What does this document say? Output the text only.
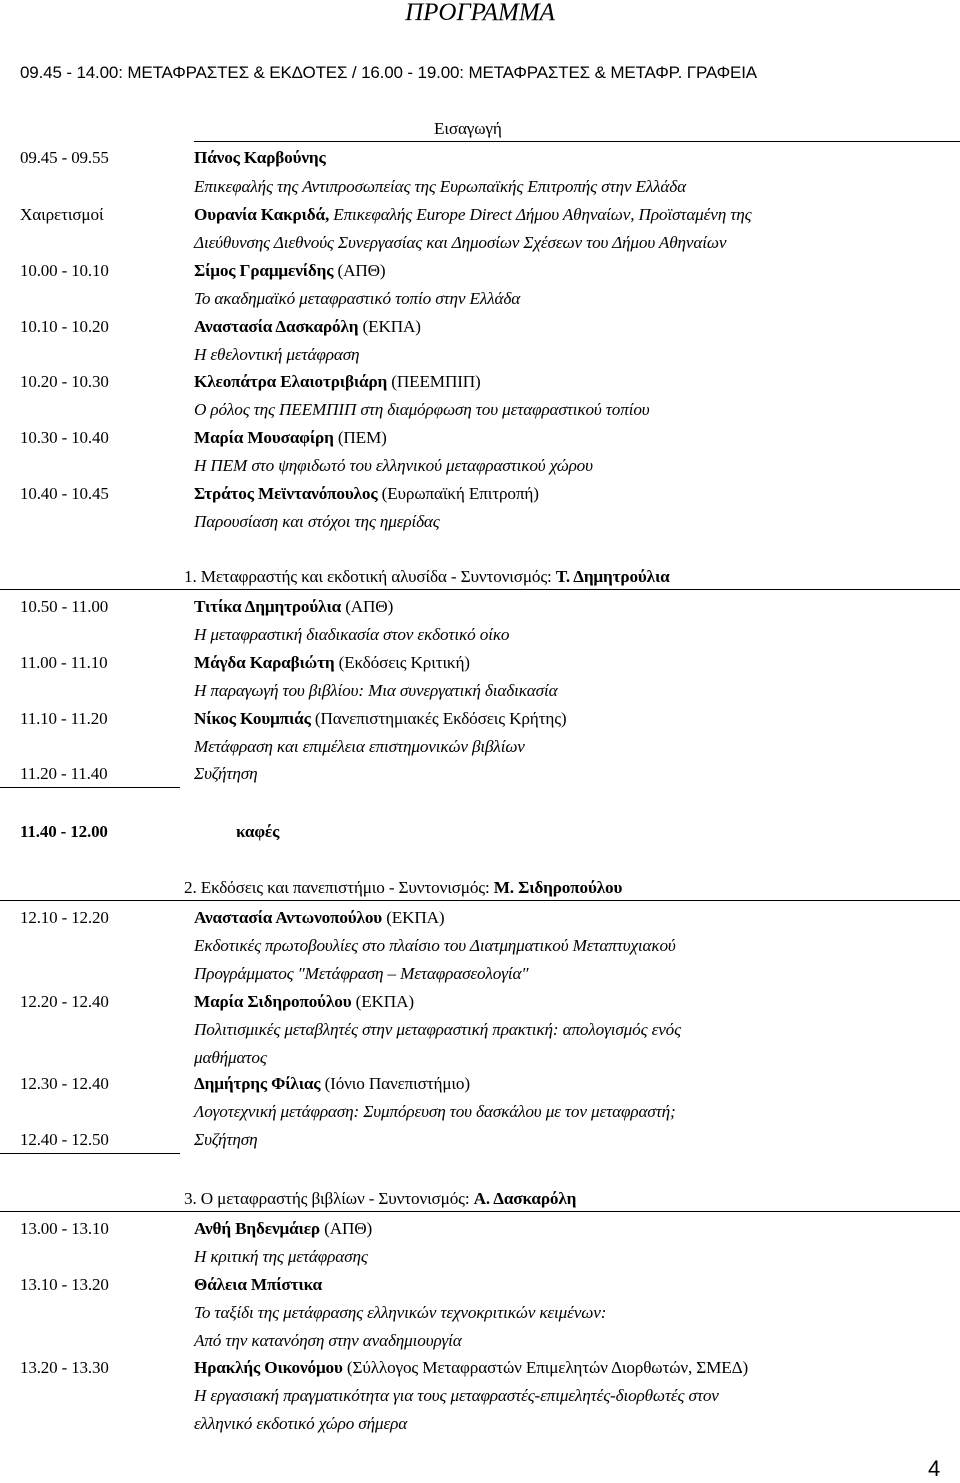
ΠΡΟΓΡΑΜΜΑ
09.45 - 14.00: ΜΕΤΑΦΡΑΣΤΕΣ & ΕΚΔΟΤΕΣ / 16.00 - 19.00: ΜΕΤΑΦΡΑΣΤΕΣ & ΜΕΤΑΦΡ. ΓΡΑΦΕΙΑ
Εισαγωγή
09.45 - 09.55	Πάνος Καρβούνης
Επικεφαλής της Αντιπροσωπείας της Ευρωπαϊκής Επιτροπής στην Ελλάδα
Χαιρετισμοί	Ουρανία Κακριδά, Επικεφαλής Europe Direct Δήμου Αθηναίων, Προϊσταμένη της
Διεύθυνσης Διεθνούς Συνεργασίας και Δημοσίων Σχέσεων του Δήμου Αθηναίων
10.00 - 10.10	Σίμος Γραμμενίδης (ΑΠΘ)
Το ακαδημαϊκό μεταφραστικό τοπίο στην Ελλάδα
10.10 - 10.20	Αναστασία Δασκαρόλη (ΕΚΠΑ)
Η εθελοντική μετάφραση
10.20 - 10.30	Κλεοπάτρα Ελαιοτριβιάρη (ΠΕΕΜΠΙΠ)
Ο ρόλος της ΠΕΕΜΠΙΠ στη διαμόρφωση του μεταφραστικού τοπίου
10.30 - 10.40	Μαρία Μουσαφίρη (ΠΕΜ)
Η ΠΕΜ στο ψηφιδωτό του ελληνικού μεταφραστικού χώρου
10.40 - 10.45	Στράτος Μεϊντανόπουλος (Ευρωπαϊκή Επιτροπή)
Παρουσίαση και στόχοι της ημερίδας
1. Μεταφραστής και εκδοτική αλυσίδα - Συντονισμός: Τ. Δημητρούλια
10.50 - 11.00	Τιτίκα Δημητρούλια (ΑΠΘ)
Η μεταφραστική διαδικασία στον εκδοτικό οίκο
11.00 - 11.10	Μάγδα Καραβιώτη (Εκδόσεις Κριτική)
Η παραγωγή του βιβλίου: Μια συνεργατική διαδικασία
11.10 - 11.20	Νίκος Κουμπιάς (Πανεπιστημιακές Εκδόσεις Κρήτης)
Μετάφραση και επιμέλεια επιστημονικών βιβλίων
11.20 - 11.40	Συζήτηση
11.40 - 12.00	καφές
2. Εκδόσεις και πανεπιστήμιο - Συντονισμός: Μ. Σιδηροπούλου
12.10 - 12.20	Αναστασία Αντωνοπούλου (ΕΚΠΑ)
Εκδοτικές πρωτοβουλίες στο πλαίσιο του Διατμηματικού Μεταπτυχιακού
Προγράμματος ″Μετάφραση – Μεταφρασεολογία″
12.20 - 12.40	Μαρία Σιδηροπούλου (ΕΚΠΑ)
Πολιτισμικές μεταβλητές στην μεταφραστική πρακτική: απολογισμός ενός
μαθήματος
12.30 - 12.40	Δημήτρης Φίλιας (Ιόνιο Πανεπιστήμιο)
Λογοτεχνική μετάφραση: Συμπόρευση του δασκάλου με τον μεταφραστή;
12.40 - 12.50	Συζήτηση
3. Ο μεταφραστής βιβλίων - Συντονισμός: Α. Δασκαρόλη
13.00 - 13.10	Ανθή Βηδενμάιερ (ΑΠΘ)
Η κριτική της μετάφρασης
13.10 - 13.20	Θάλεια Μπίστικα
Το ταξίδι της μετάφρασης ελληνικών τεχνοκριτικών κειμένων:
Από την κατανόηση στην αναδημιουργία
13.20 - 13.30	Ηρακλής Οικονόμου (Σύλλογος Μεταφραστών Επιμελητών Διορθωτών, ΣΜΕΔ)
Η εργασιακή πραγματικότητα για τους μεταφραστές-επιμελητές-διορθωτές στον
ελληνικό εκδοτικό χώρο σήμερα
4
